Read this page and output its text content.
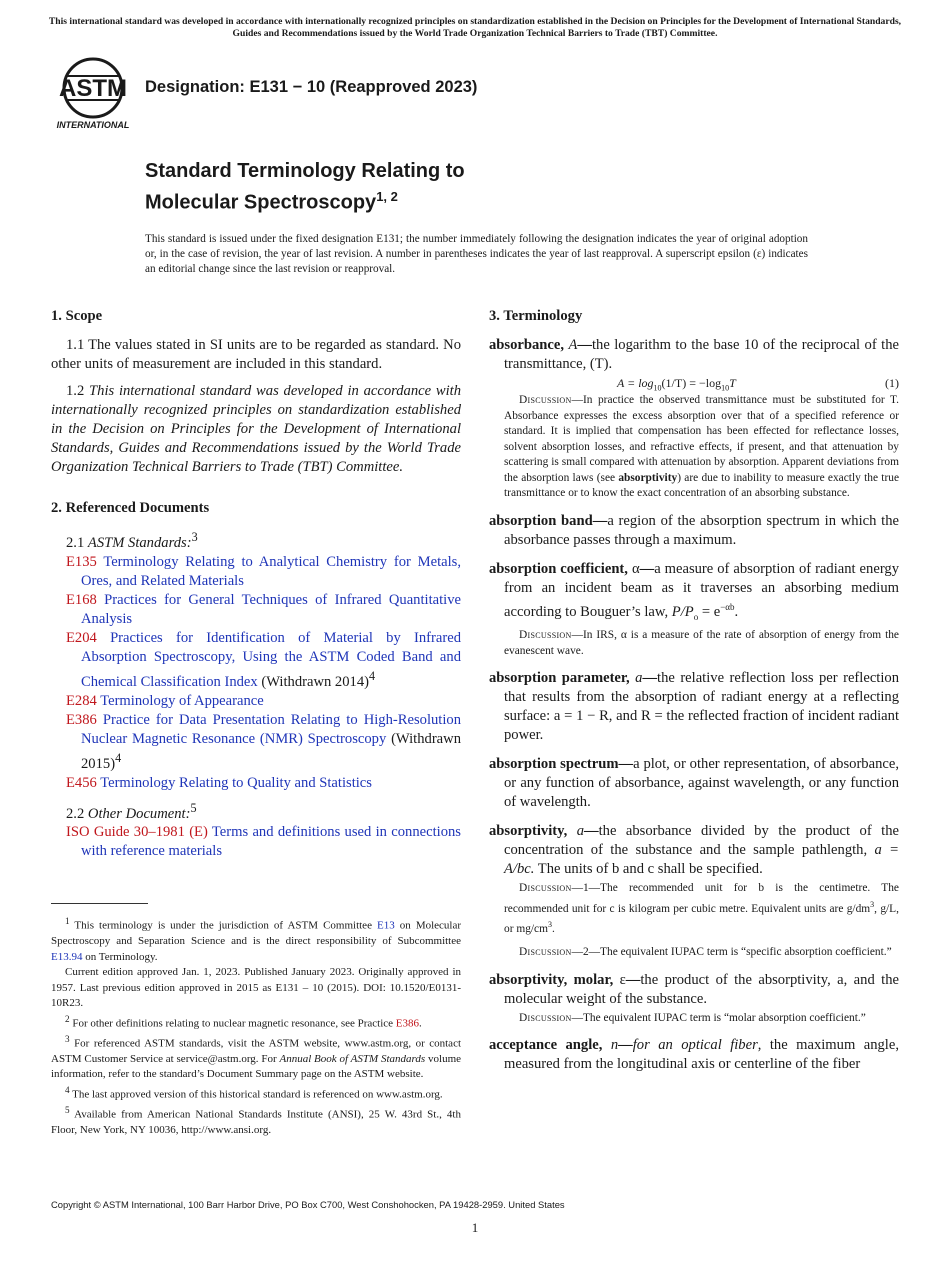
This international standard was developed in accordance with internationally recognized principles on standardization established in the Decision on Principles for the Development of International Standards, Guides and Recommendations issued by the World Trade Organization Technical Barriers to Trade (TBT) Committee.
ASTM
INTERNATIONAL
Designation: E131 − 10 (Reapproved 2023)
Standard Terminology Relating to
Molecular Spectroscopy$^{1, 2}$
This standard is issued under the fixed designation E131; the number immediately following the designation indicates the year of original adoption or, in the case of revision, the year of last revision. A number in parentheses indicates the year of last reapproval. A superscript epsilon (ε) indicates an editorial change since the last revision or reapproval.
1. Scope

1.1 The values stated in SI units are to be regarded as standard. No other units of measurement are included in this standard.

1.2 This international standard was developed in accordance with internationally recognized principles on standardization established in the Decision on Principles for the Development of International Standards, Guides and Recommendations issued by the World Trade Organization Technical Barriers to Trade (TBT) Committee.

2. Referenced Documents

2.1 ASTM Standards:$^3$

E135 Terminology Relating to Analytical Chemistry for Metals, Ores, and Related Materials

E168 Practices for General Techniques of Infrared Quantitative Analysis

E204 Practices for Identification of Material by Infrared Absorption Spectroscopy, Using the ASTM Coded Band and Chemical Classification Index (Withdrawn 2014)$^4$

E284 Terminology of Appearance

E386 Practice for Data Presentation Relating to High-Resolution Nuclear Magnetic Resonance (NMR) Spectroscopy (Withdrawn 2015)$^4$

E456 Terminology Relating to Quality and Statistics

2.2 Other Document:$^5$

ISO Guide 30–1981 (E) Terms and definitions used in connections with reference materials

$^1$ This terminology is under the jurisdiction of ASTM Committee E13 on Molecular Spectroscopy and Separation Science and is the direct responsibility of Subcommittee E13.94 on Terminology.

Current edition approved Jan. 1, 2023. Published January 2023. Originally approved in 1957. Last previous edition approved in 2015 as E131 – 10 (2015). DOI: 10.1520/E0131-10R23.

$^2$ For other definitions relating to nuclear magnetic resonance, see Practice E386.

$^3$ For referenced ASTM standards, visit the ASTM website, www.astm.org, or contact ASTM Customer Service at service@astm.org. For Annual Book of ASTM Standards volume information, refer to the standard’s Document Summary page on the ASTM website.

$^4$ The last approved version of this historical standard is referenced on www.astm.org.

$^5$ Available from American National Standards Institute (ANSI), 25 W. 43rd St., 4th Floor, New York, NY 10036, http://www.ansi.org.

3. Terminology
absorbance, A—the logarithm to the base 10 of the reciprocal of the transmittance, (T).
$A = \log_{10}(1/T) = -\log_{10}T$	(1)

Discussion—In practice the observed transmittance must be substituted for T. Absorbance expresses the excess absorption over that of a specified reference or standard. It is implied that compensation has been effected for reflectance losses, solvent absorption losses, and refractive effects, if present, and that attenuation by scattering is small compared with attenuation by absorption. Apparent deviations from the absorption laws (see absorptivity) are due to inability to measure exactly the true transmittance or to know the exact concentration of an absorbing substance.

absorption band—a region of the absorption spectrum in which the absorbance passes through a maximum.
absorption coefficient, α—a measure of absorption of radiant energy from an incident beam as it traverses an absorbing medium according to Bouguer’s law, $P/P_o = e^{-\alpha b}$.

Discussion—In IRS, α is a measure of the rate of absorption of energy from the evanescent wave.

absorption parameter, a—the relative reflection loss per reflection that results from the absorption of radiant energy at a reflecting surface: a = 1 − R, and R = the reflected fraction of incident radiant power.
absorption spectrum—a plot, or other representation, of absorbance, or any function of absorbance, against wavelength, or any function of wavelength.
absorptivity, a—the absorbance divided by the product of the concentration of the substance and the sample pathlength, a = A/bc. The units of b and c shall be specified.

Discussion—1—The recommended unit for b is the centimetre. The recommended unit for c is kilogram per cubic metre. Equivalent units are $g/dm^3$, g/L, or $mg/cm^3$.

Discussion—2—The equivalent IUPAC term is “specific absorption coefficient.”

absorptivity, molar, ε—the product of the absorptivity, a, and the molecular weight of the substance.

Discussion—The equivalent IUPAC term is “molar absorption coefficient.”

acceptance angle, n—for an optical fiber, the maximum angle, measured from the longitudinal axis or centerline of the fiber
Copyright © ASTM International, 100 Barr Harbor Drive, PO Box C700, West Conshohocken, PA 19428-2959. United States
1
